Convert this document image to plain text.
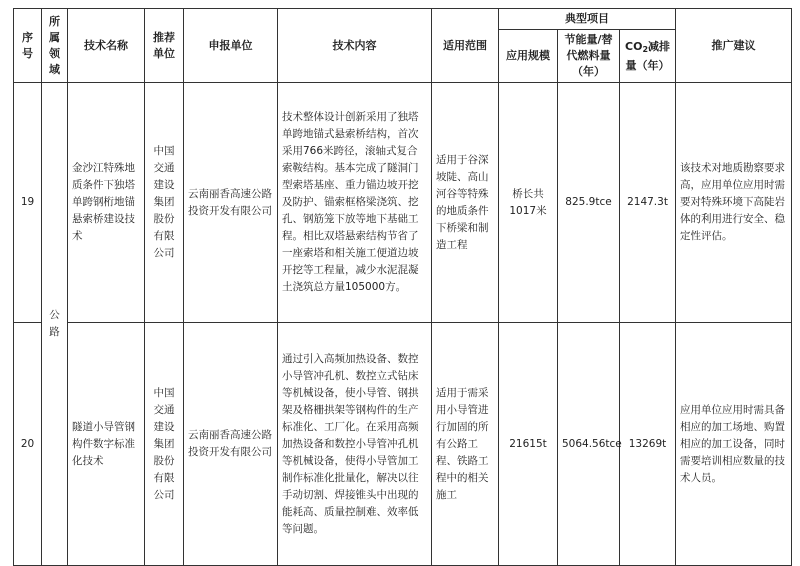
序号	所属领域	技术名称	推荐单位	申报单位	技术内容	适用范围	典型项目			推广建议
							应用规模	节能量/替代燃料量（年）	$CO_2$减排量（年）	
19	公路	金沙江特殊地质条件下独塔单跨钢桁地锚悬索桥建设技术	中国交通建设集团股份有限公司	云南丽香高速公路投资开发有限公司	技术整体设计创新采用了独塔单跨地锚式悬索桥结构，首次采用766米跨径，滚轴式复合索鞍结构。基本完成了隧洞门型索塔基座、重力锚边坡开挖及防护、锚索框格梁浇筑、挖孔、钢筋笼下放等地下基础工程。相比双塔悬索结构节省了一座索塔和相关施工便道边坡开挖等工程量，减少水泥混凝土浇筑总方量105000方。	适用于谷深坡陡、高山河谷等特殊的地质条件下桥梁和制造工程	桥长共1017米	825.9tce	2147.3t	该技术对地质勘察要求高，应用单位应用时需要对特殊环境下高陡岩体的利用进行安全、稳定性评估。
20		隧道小导管钢构件数字标准化技术	中国交通建设集团股份有限公司	云南丽香高速公路投资开发有限公司	通过引入高频加热设备、数控小导管冲孔机、数控立式钻床等机械设备，使小导管、钢拱架及格栅拱架等钢构件的生产标准化、工厂化。在采用高频加热设备和数控小导管冲孔机等机械设备，使得小导管加工制作标准化批量化，解决以往手动切割、焊接锥头中出现的能耗高、质量控制难、效率低等问题。	适用于需采用小导管进行加固的所有公路工程、铁路工程中的相关施工	21615t	5064.56tce	13269t	应用单位应用时需具备相应的加工场地、购置相应的加工设备，同时需要培训相应数量的技术人员。
